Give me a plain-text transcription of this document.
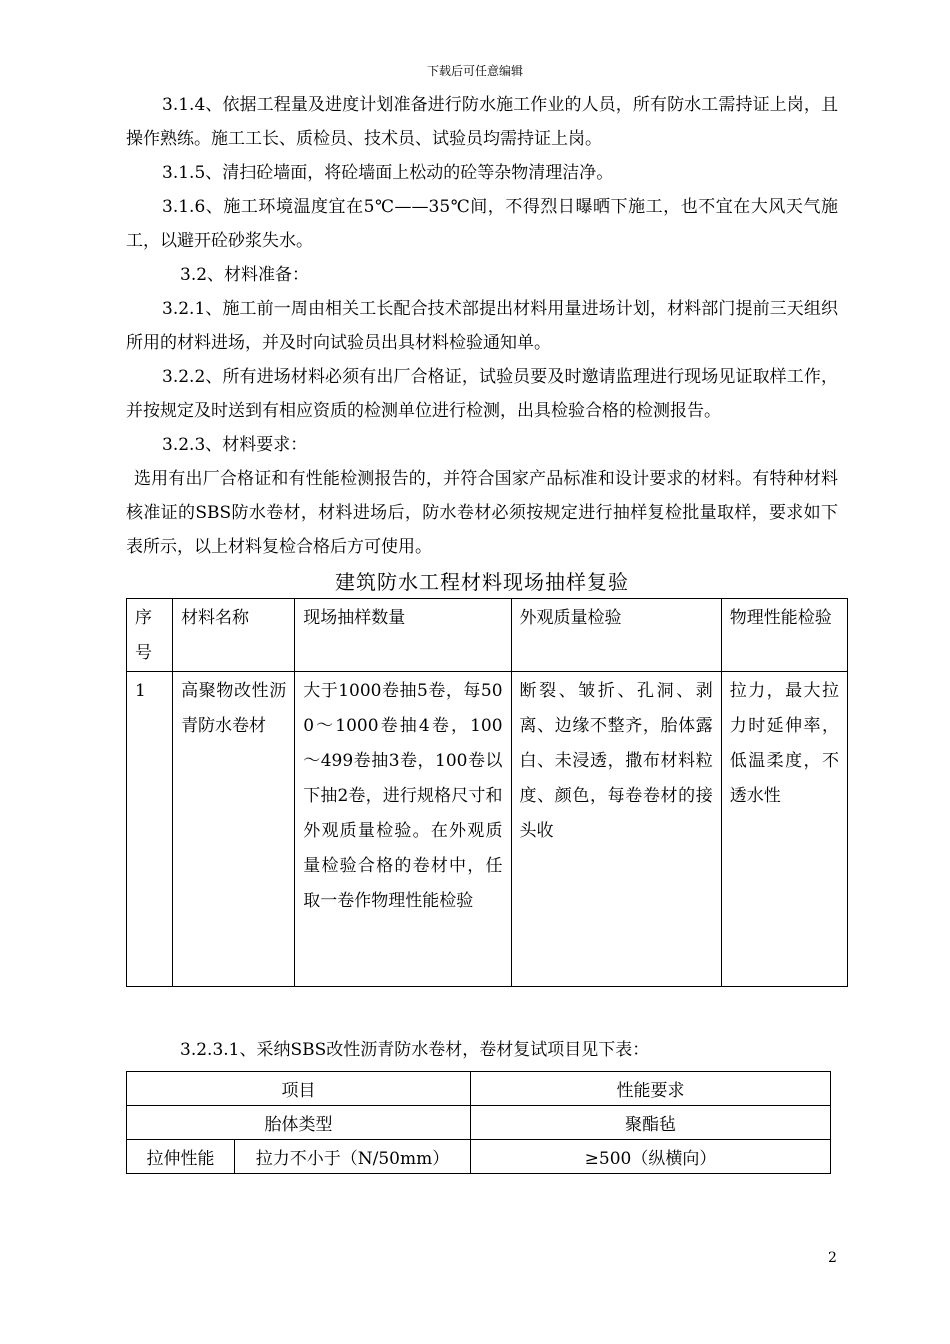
下载后可任意编辑

3.1.4、依据工程量及进度计划准备进行防水施工作业的人员，所有防水工需持证上岗，且操作熟练。施工工长、质检员、技术员、试验员均需持证上岗。

3.1.5、清扫砼墙面，将砼墙面上松动的砼等杂物清理洁净。

3.1.6、施工环境温度宜在5℃——35℃间，不得烈日曝晒下施工，也不宜在大风天气施工，以避开砼砂浆失水。

3.2、材料准备：

3.2.1、施工前一周由相关工长配合技术部提出材料用量进场计划，材料部门提前三天组织所用的材料进场，并及时向试验员出具材料检验通知单。

3.2.2、所有进场材料必须有出厂合格证，试验员要及时邀请监理进行现场见证取样工作，并按规定及时送到有相应资质的检测单位进行检测，出具检验合格的检测报告。

3.2.3、材料要求：

选用有出厂合格证和有性能检测报告的，并符合国家产品标准和设计要求的材料。有特种材料核准证的SBS防水卷材，材料进场后，防水卷材必须按规定进行抽样复检批量取样，要求如下表所示，以上材料复检合格后方可使用。

建筑防水工程材料现场抽样复验
序号	材料名称	现场抽样数量	外观质量检验	物理性能检验
1	高聚物改性沥青防水卷材	大于1000卷抽5卷，每500～1000卷抽4卷，100～499卷抽3卷，100卷以下抽2卷，进行规格尺寸和外观质量检验。在外观质量检验合格的卷材中，任取一卷作物理性能检验	断裂、皱折、孔洞、剥离、边缘不整齐，胎体露白、未浸透，撒布材料粒度、颜色，每卷卷材的接头收	拉力，最大拉力时延伸率，低温柔度，不透水性

3.2.3.1、采纳SBS改性沥青防水卷材，卷材复试项目见下表：

项目		性能要求
胎体类型		聚酯毡
拉伸性能	拉力不小于（N/50mm）	≥500（纵横向）
2
